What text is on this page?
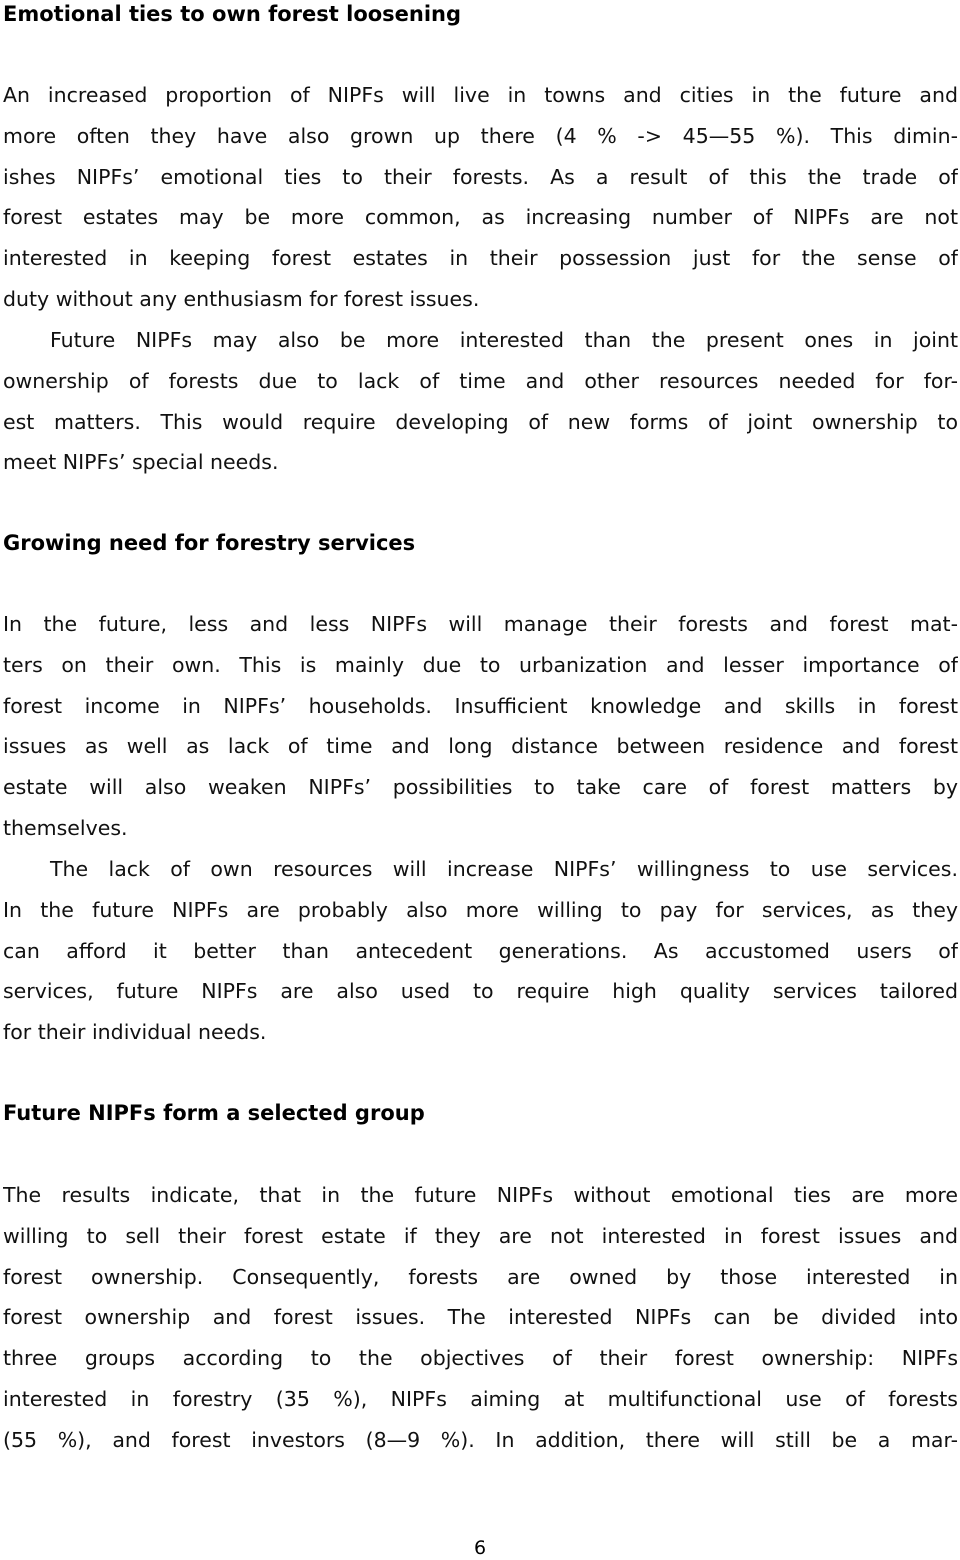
Emotional ties to own forest loosening
An increased proportion of NIPFs will live in towns and cities in the future and
more often they have also grown up there (4 % -> 45—55 %). This dimin-
ishes NIPFs’ emotional ties to their forests. As a result of this the trade of
forest estates may be more common, as increasing number of NIPFs are not
interested in keeping forest estates in their possession just for the sense of
duty without any enthusiasm for forest issues.
Future NIPFs may also be more interested than the present ones in joint
ownership of forests due to lack of time and other resources needed for for-
est matters. This would require developing of new forms of joint ownership to
meet NIPFs’ special needs.
Growing need for forestry services
In the future, less and less NIPFs will manage their forests and forest mat-
ters on their own. This is mainly due to urbanization and lesser importance of
forest income in NIPFs’ households. Insufficient knowledge and skills in forest
issues as well as lack of time and long distance between residence and forest
estate will also weaken NIPFs’ possibilities to take care of forest matters by
themselves.
The lack of own resources will increase NIPFs’ willingness to use services.
In the future NIPFs are probably also more willing to pay for services, as they
can afford it better than antecedent generations. As accustomed users of
services, future NIPFs are also used to require high quality services tailored
for their individual needs.
Future NIPFs form a selected group
The results indicate, that in the future NIPFs without emotional ties are more
willing to sell their forest estate if they are not interested in forest issues and
forest ownership. Consequently, forests are owned by those interested in
forest ownership and forest issues. The interested NIPFs can be divided into
three groups according to the objectives of their forest ownership: NIPFs
interested in forestry (35 %), NIPFs aiming at multifunctional use of forests
(55 %), and forest investors (8—9 %). In addition, there will still be a mar-
6
